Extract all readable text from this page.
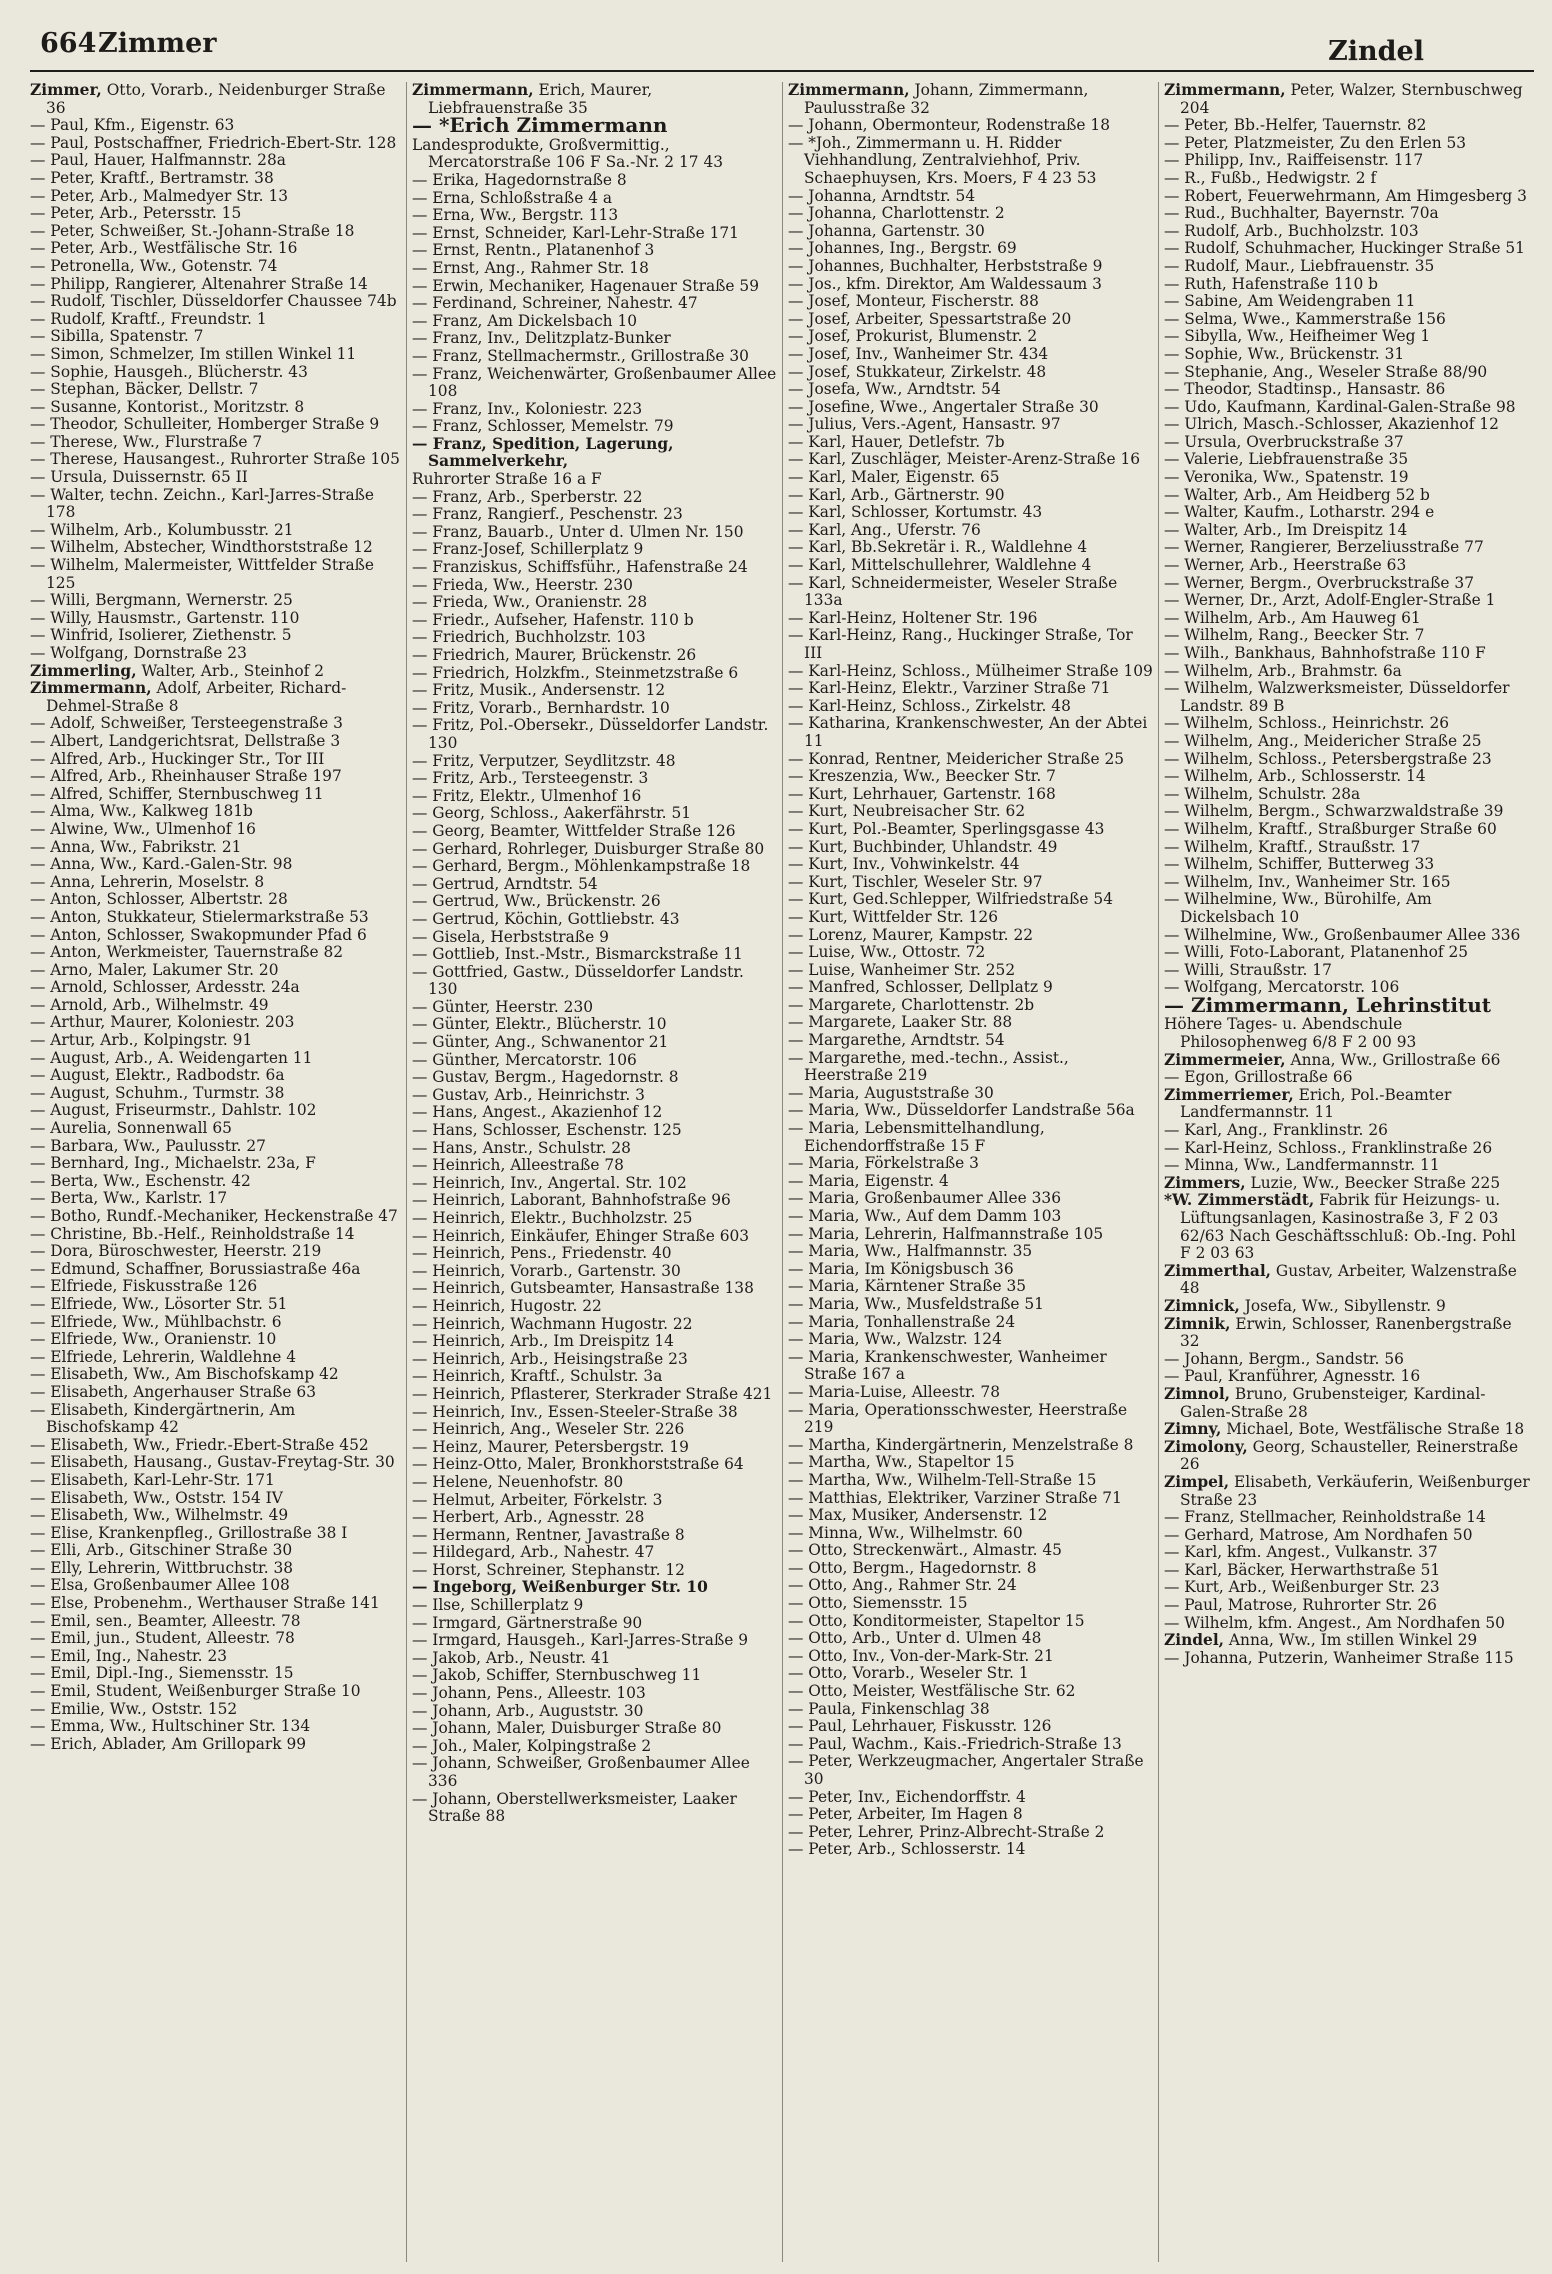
664 Zimmer	Zindel
Zimmer, Otto, Vorarb., Neidenburger Straße 36
— Paul, Kfm., Eigenstr. 63
— Paul, Postschaffner, Friedrich-Ebert-Str. 128
— Paul, Hauer, Halfmannstr. 28a
— Peter, Kraftf., Bertramstr. 38
— Peter, Arb., Malmedyer Str. 13
— Peter, Arb., Petersstr. 15
— Peter, Schweißer, St.-Johann-Straße 18
— Peter, Arb., Westfälische Str. 16
— Petronella, Ww., Gotenstr. 74
— Philipp, Rangierer, Altenahrer Straße 14
— Rudolf, Tischler, Düsseldorfer Chaussee 74b
— Rudolf, Kraftf., Freundstr. 1
— Sibilla, Spatenstr. 7
— Simon, Schmelzer, Im stillen Winkel 11
— Sophie, Hausgeh., Blücherstr. 43
— Stephan, Bäcker, Dellstr. 7
— Susanne, Kontorist., Moritzstr. 8
— Theodor, Schulleiter, Homberger Straße 9
— Therese, Ww., Flurstraße 7
— Therese, Hausangest., Ruhrorter Straße 105
— Ursula, Duissernstr. 65 II
— Walter, techn. Zeichn., Karl-Jarres-Straße 178
— Wilhelm, Arb., Kolumbusstr. 21
— Wilhelm, Abstecher, Windthorststraße 12
— Wilhelm, Malermeister, Wittfelder Straße 125
— Willi, Bergmann, Wernerstr. 25
— Willy, Hausmstr., Gartenstr. 110
— Winfrid, Isolierer, Ziethenstr. 5
— Wolfgang, Dornstraße 23
Zimmerling, Walter, Arb., Steinhof 2
Zimmermann, Adolf, Arbeiter, Richard-Dehmel-Straße 8
— Adolf, Schweißer, Tersteegenstraße 3
— Albert, Landgerichtsrat, Dellstraße 3
— Alfred, Arb., Huckinger Str., Tor III
— Alfred, Arb., Rheinhauser Straße 197
— Alfred, Schiffer, Sternbuschweg 11
— Alma, Ww., Kalkweg 181b
— Alwine, Ww., Ulmenhof 16
— Anna, Ww., Fabrikstr. 21
— Anna, Ww., Kard.-Galen-Str. 98
— Anna, Lehrerin, Moselstr. 8
— Anton, Schlosser, Albertstr. 28
— Anton, Stukkateur, Stielermarkstraße 53
— Anton, Schlosser, Swakopmunder Pfad 6
— Anton, Werkmeister, Tauernstraße 82
— Arno, Maler, Lakumer Str. 20
— Arnold, Schlosser, Ardesstr. 24a
— Arnold, Arb., Wilhelmstr. 49
— Arthur, Maurer, Koloniestr. 203
— Artur, Arb., Kolpingstr. 91
— August, Arb., A. Weidengarten 11
— August, Elektr., Radbodstr. 6a
— August, Schuhm., Turmstr. 38
— August, Friseurmstr., Dahlstr. 102
— Aurelia, Sonnenwall 65
— Barbara, Ww., Paulusstr. 27
— Bernhard, Ing., Michaelstr. 23a, F
— Berta, Ww., Eschenstr. 42
— Berta, Ww., Karlstr. 17
— Botho, Rundf.-Mechaniker, Heckenstraße 47
— Christine, Bb.-Helf., Reinholdstraße 14
— Dora, Büroschwester, Heerstr. 219
— Edmund, Schaffner, Borussiastraße 46a
— Elfriede, Fiskusstraße 126
— Elfriede, Ww., Lösorter Str. 51
— Elfriede, Ww., Mühlbachstr. 6
— Elfriede, Ww., Oranienstr. 10
— Elfriede, Lehrerin, Waldlehne 4
— Elisabeth, Ww., Am Bischofskamp 42
— Elisabeth, Angerhauser Straße 63
— Elisabeth, Kindergärtnerin, Am Bischofskamp 42
— Elisabeth, Ww., Friedr.-Ebert-Straße 452
— Elisabeth, Hausang., Gustav-Freytag-Str. 30
— Elisabeth, Karl-Lehr-Str. 171
— Elisabeth, Ww., Oststr. 154 IV
— Elisabeth, Ww., Wilhelmstr. 49
— Elise, Krankenpfleg., Grillostraße 38 I
— Elli, Arb., Gitschiner Straße 30
— Elly, Lehrerin, Wittbruchstr. 38
— Elsa, Großenbaumer Allee 108
— Else, Probenehm., Werthauser Straße 141
— Emil, sen., Beamter, Alleestr. 78
— Emil, jun., Student, Alleestr. 78
— Emil, Ing., Nahestr. 23
— Emil, Dipl.-Ing., Siemensstr. 15
— Emil, Student, Weißenburger Straße 10
— Emilie, Ww., Oststr. 152
— Emma, Ww., Hultschiner Str. 134
— Erich, Ablader, Am Grillopark 99
Zimmermann, Erich, Maurer, Liebfrauenstraße 35
— *Erich Zimmermann
Landesprodukte, Großvermittig., Mercatorstraße 106 F Sa.-Nr. 2 17 43
— Erika, Hagedornstraße 8
— Erna, Schloßstraße 4 a
— Erna, Ww., Bergstr. 113
— Ernst, Schneider, Karl-Lehr-Straße 171
— Ernst, Rentn., Platanenhof 3
— Ernst, Ang., Rahmer Str. 18
— Erwin, Mechaniker, Hagenauer Straße 59
— Ferdinand, Schreiner, Nahestr. 47
— Franz, Am Dickelsbach 10
— Franz, Inv., Delitzplatz-Bunker
— Franz, Stellmachermstr., Grillostraße 30
— Franz, Weichenwärter, Großenbaumer Allee 108
— Franz, Inv., Koloniestr. 223
— Franz, Schlosser, Memelstr. 79
— Franz, Spedition, Lagerung, Sammelverkehr,
Ruhrorter Straße 16 a F
— Franz, Arb., Sperberstr. 22
— Franz, Rangierf., Peschenstr. 23
— Franz, Bauarb., Unter d. Ulmen Nr. 150
— Franz-Josef, Schillerplatz 9
— Franziskus, Schiffsführ., Hafenstraße 24
— Frieda, Ww., Heerstr. 230
— Frieda, Ww., Oranienstr. 28
— Friedr., Aufseher, Hafenstr. 110 b
— Friedrich, Buchholzstr. 103
— Friedrich, Maurer, Brückenstr. 26
— Friedrich, Holzkfm., Steinmetzstraße 6
— Fritz, Musik., Andersenstr. 12
— Fritz, Vorarb., Bernhardstr. 10
— Fritz, Pol.-Obersekr., Düsseldorfer Landstr. 130
— Fritz, Verputzer, Seydlitzstr. 48
— Fritz, Arb., Tersteegenstr. 3
— Fritz, Elektr., Ulmenhof 16
— Georg, Schloss., Aakerfährstr. 51
— Georg, Beamter, Wittfelder Straße 126
— Gerhard, Rohrleger, Duisburger Straße 80
— Gerhard, Bergm., Möhlenkampstraße 18
— Gertrud, Arndtstr. 54
— Gertrud, Ww., Brückenstr. 26
— Gertrud, Köchin, Gottliebstr. 43
— Gisela, Herbststraße 9
— Gottlieb, Inst.-Mstr., Bismarckstraße 11
— Gottfried, Gastw., Düsseldorfer Landstr. 130
— Günter, Heerstr. 230
— Günter, Elektr., Blücherstr. 10
— Günter, Ang., Schwanentor 21
— Günther, Mercatorstr. 106
— Gustav, Bergm., Hagedornstr. 8
— Gustav, Arb., Heinrichstr. 3
— Hans, Angest., Akazienhof 12
— Hans, Schlosser, Eschenstr. 125
— Hans, Anstr., Schulstr. 28
— Heinrich, Alleestraße 78
— Heinrich, Inv., Angertal. Str. 102
— Heinrich, Laborant, Bahnhofstraße 96
— Heinrich, Elektr., Buchholzstr. 25
— Heinrich, Einkäufer, Ehinger Straße 603
— Heinrich, Pens., Friedenstr. 40
— Heinrich, Vorarb., Gartenstr. 30
— Heinrich, Gutsbeamter, Hansastraße 138
— Heinrich, Hugostr. 22
— Heinrich, Wachmann Hugostr. 22
— Heinrich, Arb., Im Dreispitz 14
— Heinrich, Arb., Heisingstraße 23
— Heinrich, Kraftf., Schulstr. 3a
— Heinrich, Pflasterer, Sterkrader Straße 421
— Heinrich, Inv., Essen-Steeler-Straße 38
— Heinrich, Ang., Weseler Str. 226
— Heinz, Maurer, Petersbergstr. 19
— Heinz-Otto, Maler, Bronkhorststraße 64
— Helene, Neuenhofstr. 80
— Helmut, Arbeiter, Förkelstr. 3
— Herbert, Arb., Agnesstr. 28
— Hermann, Rentner, Javastraße 8
— Hildegard, Arb., Nahestr. 47
— Horst, Schreiner, Stephanstr. 12
— Ingeborg, Weißenburger Str. 10
— Ilse, Schillerplatz 9
— Irmgard, Gärtnerstraße 90
— Irmgard, Hausgeh., Karl-Jarres-Straße 9
— Jakob, Arb., Neustr. 41
— Jakob, Schiffer, Sternbuschweg 11
— Johann, Pens., Alleestr. 103
— Johann, Arb., Auguststr. 30
— Johann, Maler, Duisburger Straße 80
— Joh., Maler, Kolpingstraße 2
— Johann, Schweißer, Großenbaumer Allee 336
— Johann, Oberstellwerksmeister, Laaker Straße 88
Zimmermann, Johann, Zimmermann, Paulusstraße 32
— Johann, Obermonteur, Rodenstraße 18
— *Joh., Zimmermann u. H. Ridder Viehhandlung, Zentralviehhof, Priv. Schaephuysen, Krs. Moers, F 4 23 53
— Johanna, Arndtstr. 54
— Johanna, Charlottenstr. 2
— Johanna, Gartenstr. 30
— Johannes, Ing., Bergstr. 69
— Johannes, Buchhalter, Herbststraße 9
— Jos., kfm. Direktor, Am Waldessaum 3
— Josef, Monteur, Fischerstr. 88
— Josef, Arbeiter, Spessartstraße 20
— Josef, Prokurist, Blumenstr. 2
— Josef, Inv., Wanheimer Str. 434
— Josef, Stukkateur, Zirkelstr. 48
— Josefa, Ww., Arndtstr. 54
— Josefine, Wwe., Angertaler Straße 30
— Julius, Vers.-Agent, Hansastr. 97
— Karl, Hauer, Detlefstr. 7b
— Karl, Zuschläger, Meister-Arenz-Straße 16
— Karl, Maler, Eigenstr. 65
— Karl, Arb., Gärtnerstr. 90
— Karl, Schlosser, Kortumstr. 43
— Karl, Ang., Uferstr. 76
— Karl, Bb.Sekretär i. R., Waldlehne 4
— Karl, Mittelschullehrer, Waldlehne 4
— Karl, Schneidermeister, Weseler Straße 133a
— Karl-Heinz, Holtener Str. 196
— Karl-Heinz, Rang., Huckinger Straße, Tor III
— Karl-Heinz, Schloss., Mülheimer Straße 109
— Karl-Heinz, Elektr., Varziner Straße 71
— Karl-Heinz, Schloss., Zirkelstr. 48
— Katharina, Krankenschwester, An der Abtei 11
— Konrad, Rentner, Meidericher Straße 25
— Kreszenzia, Ww., Beecker Str. 7
— Kurt, Lehrhauer, Gartenstr. 168
— Kurt, Neubreisacher Str. 62
— Kurt, Pol.-Beamter, Sperlingsgasse 43
— Kurt, Buchbinder, Uhlandstr. 49
— Kurt, Inv., Vohwinkelstr. 44
— Kurt, Tischler, Weseler Str. 97
— Kurt, Ged.Schlepper, Wilfriedstraße 54
— Kurt, Wittfelder Str. 126
— Lorenz, Maurer, Kampstr. 22
— Luise, Ww., Ottostr. 72
— Luise, Wanheimer Str. 252
— Manfred, Schlosser, Dellplatz 9
— Margarete, Charlottenstr. 2b
— Margarete, Laaker Str. 88
— Margarethe, Arndtstr. 54
— Margarethe, med.-techn., Assist., Heerstraße 219
— Maria, Auguststraße 30
— Maria, Ww., Düsseldorfer Landstraße 56a
— Maria, Lebensmittelhandlung, Eichendorffstraße 15 F
— Maria, Förkelstraße 3
— Maria, Eigenstr. 4
— Maria, Großenbaumer Allee 336
— Maria, Ww., Auf dem Damm 103
— Maria, Lehrerin, Halfmannstraße 105
— Maria, Ww., Halfmannstr. 35
— Maria, Im Königsbusch 36
— Maria, Kärntener Straße 35
— Maria, Ww., Musfeldstraße 51
— Maria, Tonhallenstraße 24
— Maria, Ww., Walzstr. 124
— Maria, Krankenschwester, Wanheimer Straße 167 a
— Maria-Luise, Alleestr. 78
— Maria, Operationsschwester, Heerstraße 219
— Martha, Kindergärtnerin, Menzelstraße 8
— Martha, Ww., Stapeltor 15
— Martha, Ww., Wilhelm-Tell-Straße 15
— Matthias, Elektriker, Varziner Straße 71
— Max, Musiker, Andersenstr. 12
— Minna, Ww., Wilhelmstr. 60
— Otto, Streckenwärt., Almastr. 45
— Otto, Bergm., Hagedornstr. 8
— Otto, Ang., Rahmer Str. 24
— Otto, Siemensstr. 15
— Otto, Konditormeister, Stapeltor 15
— Otto, Arb., Unter d. Ulmen 48
— Otto, Inv., Von-der-Mark-Str. 21
— Otto, Vorarb., Weseler Str. 1
— Otto, Meister, Westfälische Str. 62
— Paula, Finkenschlag 38
— Paul, Lehrhauer, Fiskusstr. 126
— Paul, Wachm., Kais.-Friedrich-Straße 13
— Peter, Werkzeugmacher, Angertaler Straße 30
— Peter, Inv., Eichendorffstr. 4
— Peter, Arbeiter, Im Hagen 8
— Peter, Lehrer, Prinz-Albrecht-Straße 2
— Peter, Arb., Schlosserstr. 14
Zimmermann, Peter, Walzer, Sternbuschweg 204
— Peter, Bb.-Helfer, Tauernstr. 82
— Peter, Platzmeister, Zu den Erlen 53
— Philipp, Inv., Raiffeisenstr. 117
— R., Fußb., Hedwigstr. 2 f
— Robert, Feuerwehrmann, Am Himgesberg 3
— Rud., Buchhalter, Bayernstr. 70a
— Rudolf, Arb., Buchholzstr. 103
— Rudolf, Schuhmacher, Huckinger Straße 51
— Rudolf, Maur., Liebfrauenstr. 35
— Ruth, Hafenstraße 110 b
— Sabine, Am Weidengraben 11
— Selma, Wwe., Kammerstraße 156
— Sibylla, Ww., Heifheimer Weg 1
— Sophie, Ww., Brückenstr. 31
— Stephanie, Ang., Weseler Straße 88/90
— Theodor, Stadtinsp., Hansastr. 86
— Udo, Kaufmann, Kardinal-Galen-Straße 98
— Ulrich, Masch.-Schlosser, Akazienhof 12
— Ursula, Overbruckstraße 37
— Valerie, Liebfrauenstraße 35
— Veronika, Ww., Spatenstr. 19
— Walter, Arb., Am Heidberg 52 b
— Walter, Kaufm., Lotharstr. 294 e
— Walter, Arb., Im Dreispitz 14
— Werner, Rangierer, Berzeliusstraße 77
— Werner, Arb., Heerstraße 63
— Werner, Bergm., Overbruckstraße 37
— Werner, Dr., Arzt, Adolf-Engler-Straße 1
— Wilhelm, Arb., Am Hauweg 61
— Wilhelm, Rang., Beecker Str. 7
— Wilh., Bankhaus, Bahnhofstraße 110 F
— Wilhelm, Arb., Brahmstr. 6a
— Wilhelm, Walzwerksmeister, Düsseldorfer Landstr. 89 B
— Wilhelm, Schloss., Heinrichstr. 26
— Wilhelm, Ang., Meidericher Straße 25
— Wilhelm, Schloss., Petersbergstraße 23
— Wilhelm, Arb., Schlosserstr. 14
— Wilhelm, Schulstr. 28a
— Wilhelm, Bergm., Schwarzwaldstraße 39
— Wilhelm, Kraftf., Straßburger Straße 60
— Wilhelm, Kraftf., Straußstr. 17
— Wilhelm, Schiffer, Butterweg 33
— Wilhelm, Inv., Wanheimer Str. 165
— Wilhelmine, Ww., Bürohilfe, Am Dickelsbach 10
— Wilhelmine, Ww., Großenbaumer Allee 336
— Willi, Foto-Laborant, Platanenhof 25
— Willi, Straußstr. 17
— Wolfgang, Mercatorstr. 106
— Zimmermann, Lehrinstitut
Höhere Tages- u. Abendschule Philosophenweg 6/8 F 2 00 93
Zimmermeier, Anna, Ww., Grillostraße 66
— Egon, Grillostraße 66
Zimmerriemer, Erich, Pol.-Beamter Landfermannstr. 11
— Karl, Ang., Franklinstr. 26
— Karl-Heinz, Schloss., Franklinstraße 26
— Minna, Ww., Landfermannstr. 11
Zimmers, Luzie, Ww., Beecker Straße 225
*W. Zimmerstädt, Fabrik für Heizungs- u. Lüftungsanlagen, Kasinostraße 3, F 2 03 62/63 Nach Geschäftsschluß: Ob.-Ing. Pohl F 2 03 63
Zimmerthal, Gustav, Arbeiter, Walzenstraße 48
Zimnick, Josefa, Ww., Sibyllenstr. 9
Zimnik, Erwin, Schlosser, Ranenbergstraße 32
— Johann, Bergm., Sandstr. 56
— Paul, Kranführer, Agnesstr. 16
Zimnol, Bruno, Grubensteiger, Kardinal-Galen-Straße 28
Zimny, Michael, Bote, Westfälische Straße 18
Zimolony, Georg, Schausteller, Reinerstraße 26
Zimpel, Elisabeth, Verkäuferin, Weißenburger Straße 23
— Franz, Stellmacher, Reinholdstraße 14
— Gerhard, Matrose, Am Nordhafen 50
— Karl, kfm. Angest., Vulkanstr. 37
— Karl, Bäcker, Herwarthstraße 51
— Kurt, Arb., Weißenburger Str. 23
— Paul, Matrose, Ruhrorter Str. 26
— Wilhelm, kfm. Angest., Am Nordhafen 50
Zindel, Anna, Ww., Im stillen Winkel 29
— Johanna, Putzerin, Wanheimer Straße 115
